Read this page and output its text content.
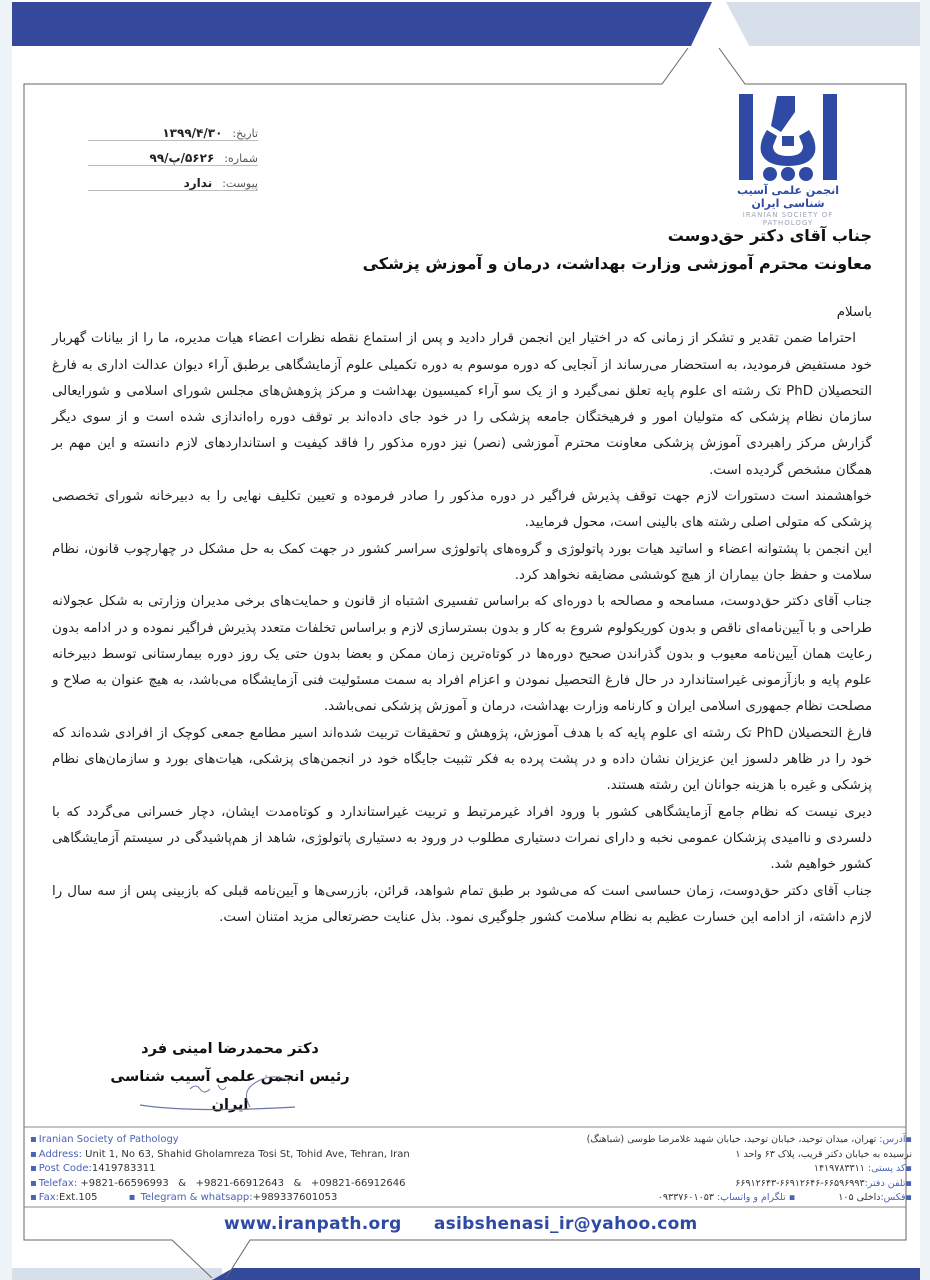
انجمن علمی آسیب شناسی ایران
IRANIAN SOCIETY OF PATHOLOGY
تاریخ:
۱۳۹۹/۴/۳۰
شماره:
۵۶۲۶/پ/۹۹
پیوست:
ندارد
جناب آقای دکتر حق‌دوست
معاونت محترم آموزشی وزارت بهداشت، درمان و آموزش پزشکی

باسلام

احتراما ضمن تقدیر و تشکر از زمانی که در اختیار این انجمن قرار دادید و پس از استماع نقطه نظرات اعضاء هیات مدیره، ما را از بیانات گهربار خود مستفیض فرمودید، به استحضار می‌رساند از آنجایی که دوره موسوم به دوره تکمیلی علوم آزمایشگاهی برطبق آراء دیوان عدالت اداری به فارغ التحصیلان PhD تک رشته ای علوم پایه تعلق نمی‌گیرد و از یک سو آراء کمیسیون بهداشت و مرکز پژوهش‌های مجلس شورای اسلامی و شورایعالی سازمان نظام پزشکی که متولیان امور و فرهیختگان جامعه پزشکی را در خود جای داده‌اند بر توقف دوره راه‌اندازی شده است و از سوی دیگر گزارش مرکز راهبردی آموزش پزشکی معاونت محترم آموزشی (نصر) نیز دوره مذکور را فاقد کیفیت و استانداردهای لازم دانسته و این مهم بر همگان مشخص گردیده است.

خواهشمند است دستورات لازم جهت توقف پذیرش فراگیر در دوره مذکور را صادر فرموده و تعیین تکلیف نهایی را به دبیرخانه شورای تخصصی پزشکی که متولی اصلی رشته های بالینی است، محول فرمایید.

این انجمن با پشتوانه اعضاء و اساتید هیات بورد پاتولوژی و گروه‌های پاتولوژی سراسر کشور در جهت کمک به حل مشکل در چهارچوب قانون، نظام سلامت و حفظ جان بیماران از هیچ کوششی مضایقه نخواهد کرد.

جناب آقای دکتر حق‌دوست، مسامحه و مصالحه با دوره‌ای که براساس تفسیری اشتباه از قانون و حمایت‌های برخی مدیران وزارتی به شکل عجولانه طراحی و با آیین‌نامه‌ای ناقص و بدون کوریکولوم شروع به کار و بدون بسترسازی لازم و براساس تخلفات متعدد پذیرش فراگیر نموده و در ادامه بدون رعایت همان آیین‌نامه معیوب و بدون گذراندن صحیح دوره‌ها در کوتاه‌ترین زمان ممکن و بعضا بدون حتی یک روز دوره بیمارستانی توسط دبیرخانه علوم پایه و بازآزمونی غیراستاندارد در حال فارغ التحصیل نمودن و اعزام افراد به سمت مسئولیت فنی آزمایشگاه می‌باشد، به هیچ عنوان به صلاح و مصلحت نظام جمهوری اسلامی ایران و کارنامه وزارت بهداشت، درمان و آموزش پزشکی نمی‌باشد.

فارغ التحصیلان PhD تک رشته ای علوم پایه که با هدف آموزش، پژوهش و تحقیقات تربیت شده‌اند اسیر مطامع جمعی کوچک از افرادی شده‌اند که خود را در ظاهر دلسوز این عزیزان نشان داده و در پشت پرده به فکر تثبیت جایگاه خود در انجمن‌های پزشکی، هیات‌های بورد و سازمان‌های نظام پزشکی و غیره با هزینه جوانان این رشته هستند.

دیری نیست که نظام جامع آزمایشگاهی کشور با ورود افراد غیرمرتبط و تربیت غیراستاندارد و کوتاه‌مدت ایشان، دچار خسرانی می‌گردد که با دلسردی و ناامیدی پزشکان عمومی نخبه و دارای نمرات دستیاری مطلوب در ورود به دستیاری پاتولوژی، شاهد از هم‌پاشیدگی در سیستم آزمایشگاهی کشور خواهیم شد.

جناب آقای دکتر حق‌دوست، زمان حساسی است که می‌شود بر طبق تمام شواهد، قرائن، بازرسی‌ها و آیین‌نامه قبلی که بازبینی پس از سه سال را لازم داشته، از ادامه این خسارت عظیم به نظام سلامت کشور جلوگیری نمود. بذل عنایت حضرتعالی مزید امتنان است.

دکتر محمدرضا امینی فرد
رئیس انجمن علمی آسیب شناسی ایران
▪ Iranian Society of Pathology
▪ Address: Unit 1, No 63, Shahid Gholamreza Tosi St, Tohid Ave, Tehran, Iran
▪ Post Code:1419783311
▪ Telefax: +9821-66596993   &   +9821-66912643   &   +09821-66912646
▪ Fax:Ext.105	▪ Telegram & whatsapp:+989337601053
▪آدرس: تهران، میدان توحید، خیابان توحید، خیابان شهید غلامرضا طوسی (شباهنگ)
نرسیده به خیابان دکتر قریب، پلاک ۶۳ واحد ۱
▪کد پستی: ۱۴۱۹۷۸۳۳۱۱
▪تلفن دفتر:۶۶۵۹۶۹۹۳-۶۶۹۱۲۶۴۶-۶۶۹۱۲۶۴۳
▪فکس:داخلی ۱۰۵ ▪ تلگرام و واتساپ: ۰۹۳۳۷۶۰۱۰۵۳
www.iranpath.org asibshenasi_ir@yahoo.com
